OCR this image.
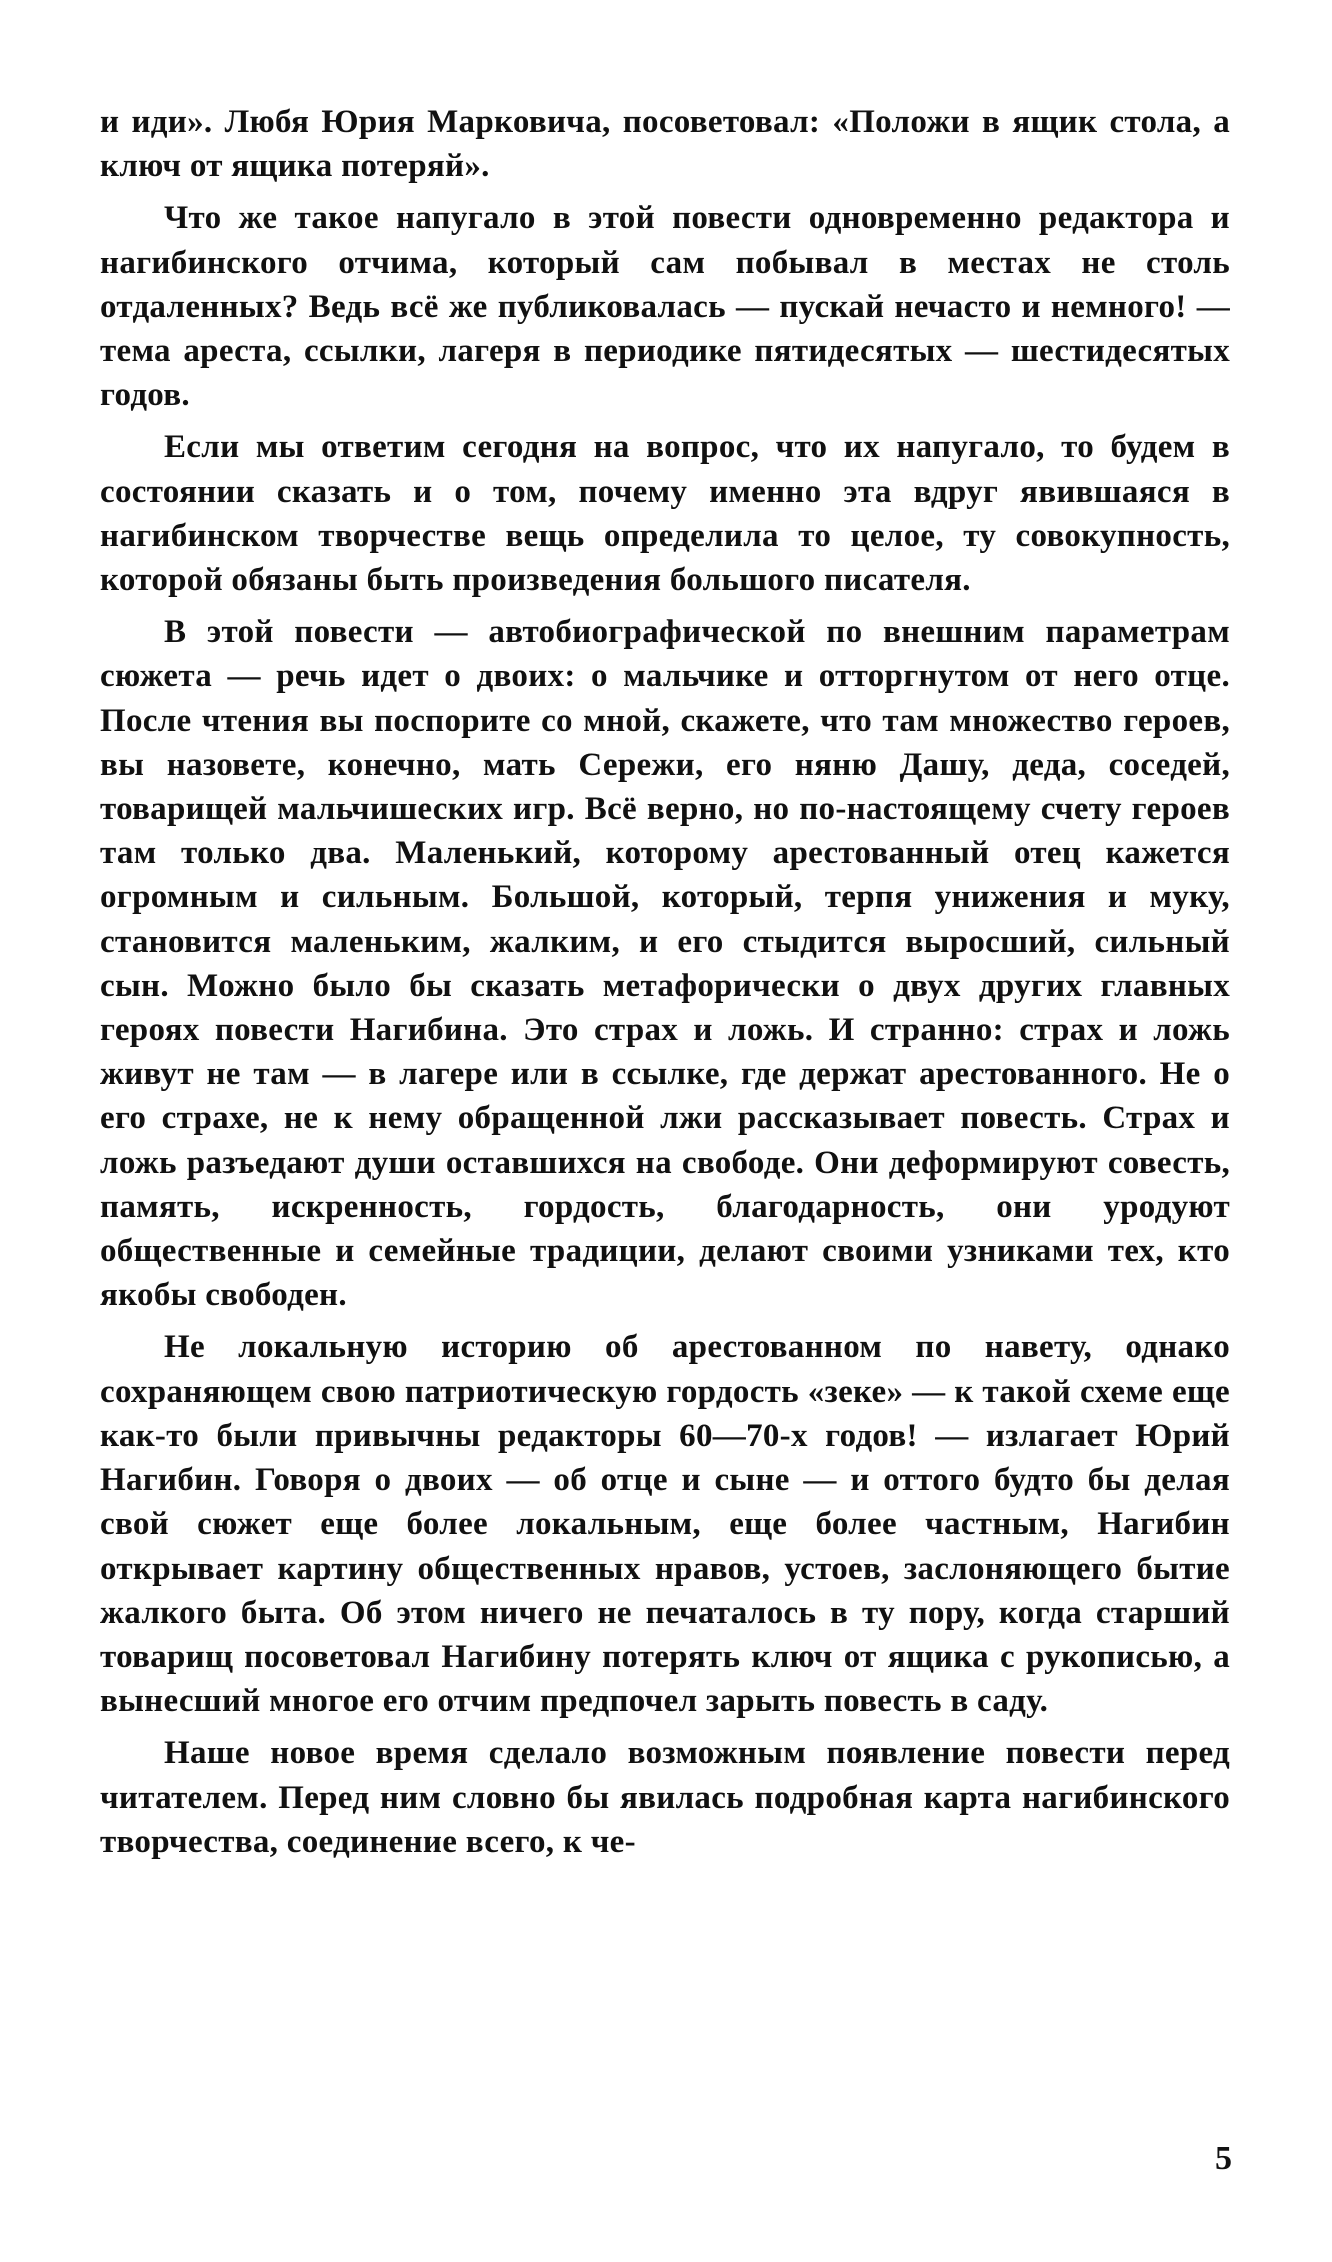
и иди». Любя Юрия Марковича, посоветовал: «Положи в ящик стола, а ключ от ящика потеряй».

Что же такое напугало в этой повести одновременно редактора и нагибинского отчима, который сам побывал в местах не столь отдаленных? Ведь всё же публиковалась — пускай нечасто и немного! — тема ареста, ссылки, лагеря в периодике пятидесятых — шестидесятых годов.

Если мы ответим сегодня на вопрос, что их напугало, то будем в состоянии сказать и о том, почему именно эта вдруг явившаяся в нагибинском творчестве вещь определила то целое, ту совокупность, которой обязаны быть произведения большого писателя.

В этой повести — автобиографической по внешним параметрам сюжета — речь идет о двоих: о мальчике и отторгнутом от него отце. После чтения вы поспорите со мной, скажете, что там множество героев, вы назовете, конечно, мать Сережи, его няню Дашу, деда, соседей, товарищей мальчишеских игр. Всё верно, но по-настоящему счету героев там только два. Маленький, которому арестованный отец кажется огромным и сильным. Большой, который, терпя унижения и муку, становится маленьким, жалким, и его стыдится выросший, сильный сын. Можно было бы сказать метафорически о двух других главных героях повести Нагибина. Это страх и ложь. И странно: страх и ложь живут не там — в лагере или в ссылке, где держат арестованного. Не о его страхе, не к нему обращенной лжи рассказывает повесть. Страх и ложь разъедают души оставшихся на свободе. Они деформируют совесть, память, искренность, гордость, благодарность, они уродуют общественные и семейные традиции, делают своими узниками тех, кто якобы свободен.

Не локальную историю об арестованном по навету, однако сохраняющем свою патриотическую гордость «зеке» — к такой схеме еще как-то были привычны редакторы 60—70-х годов! — излагает Юрий Нагибин. Говоря о двоих — об отце и сыне — и оттого будто бы делая свой сюжет еще более локальным, еще более частным, Нагибин открывает картину общественных нравов, устоев, заслоняющего бытие жалкого быта. Об этом ничего не печаталось в ту пору, когда старший товарищ посоветовал Нагибину потерять ключ от ящика с рукописью, а вынесший многое его отчим предпочел зарыть повесть в саду.

Наше новое время сделало возможным появление повести перед читателем. Перед ним словно бы явилась подробная карта нагибинского творчества, соединение всего, к че-

5
